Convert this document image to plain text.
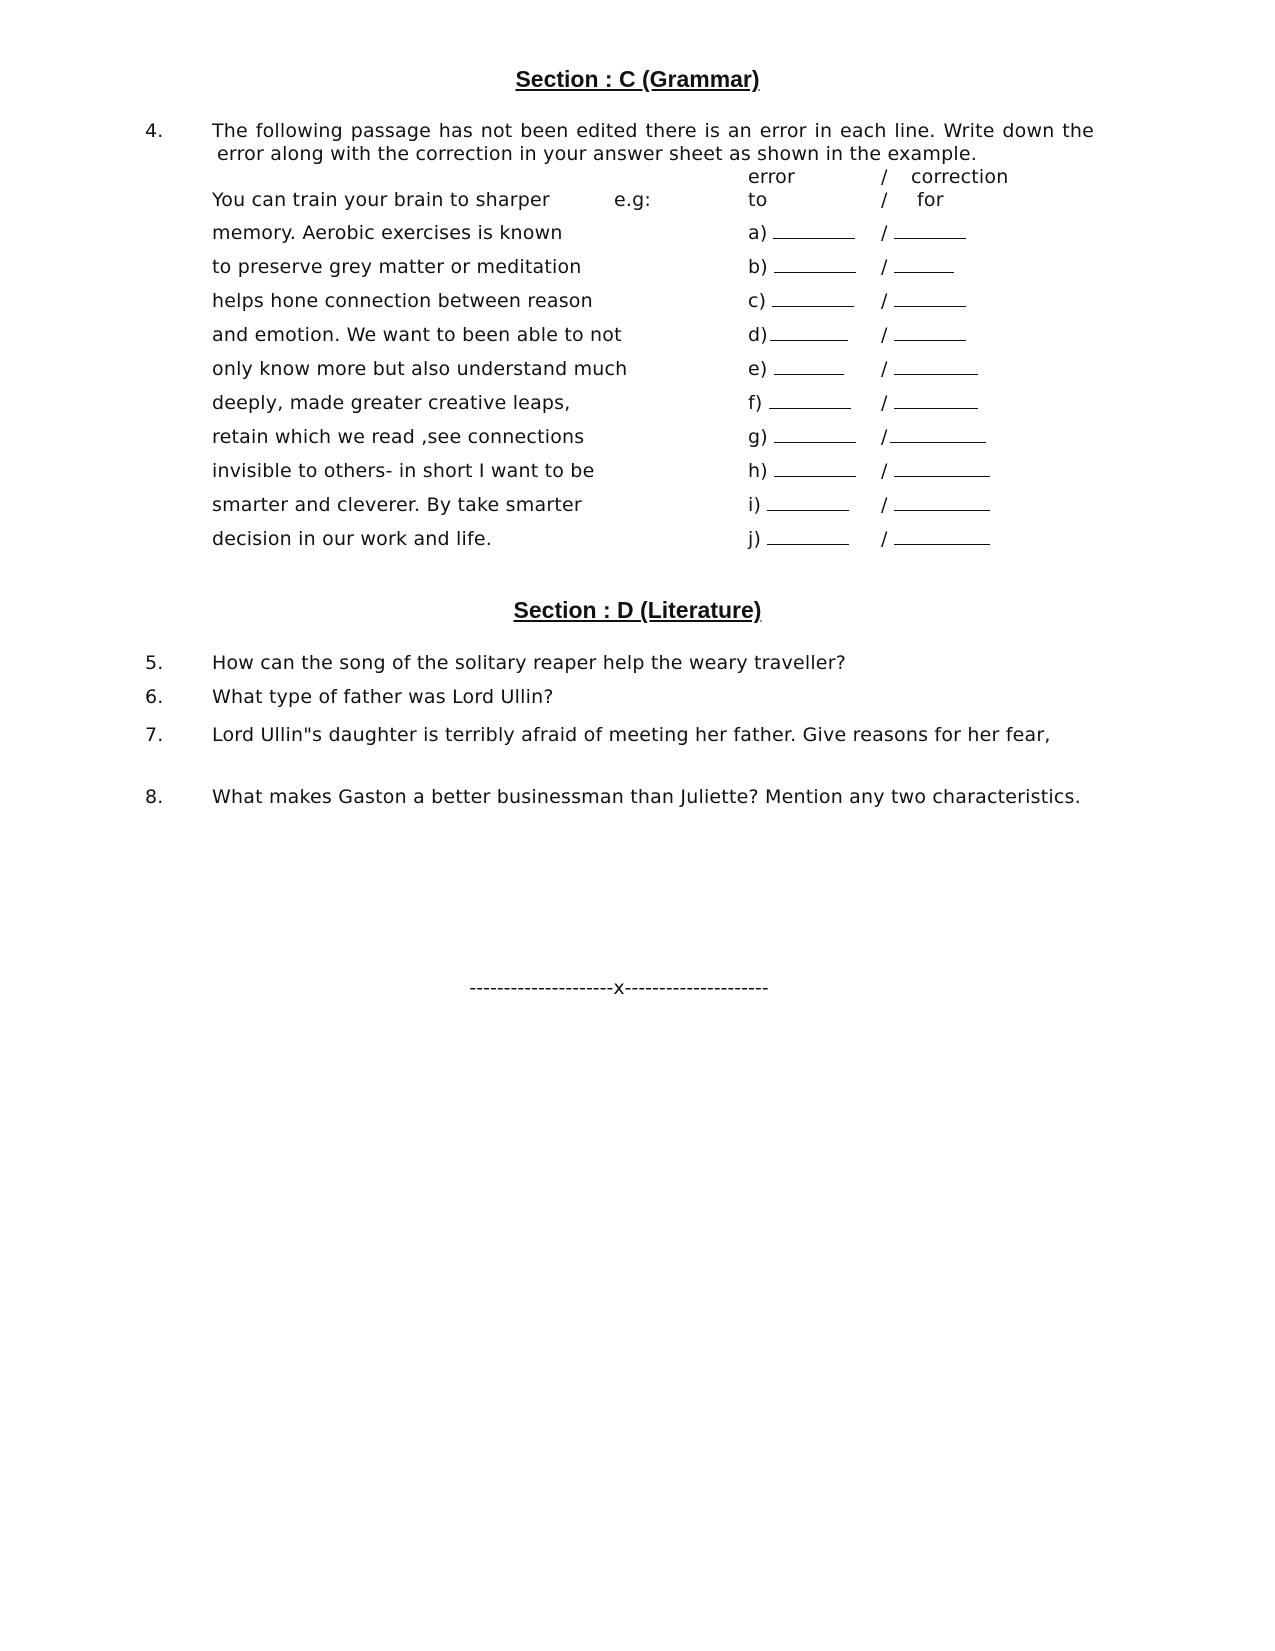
Section : C (Grammar)
4.	The following passage has not been edited there is an error in each line. Write down the
error along with the correction in your answer sheet as shown in the example.
error	/ correction
You can train your brain to sharper	e.g:	to	/ for
memory. Aerobic exercises is known	a)	/
to preserve grey matter or meditation	b)	/
helps hone connection between reason	c)	/
and emotion. We want to been able to not	d)	/
only know more but also understand much	e)	/
deeply, made greater creative leaps,	f)	/
retain which we read ,see connections	g)	/
invisible to others- in short I want to be	h)	/
smarter and cleverer. By take smarter	i)	/
decision in our work and life.	j)	/
Section : D (Literature)
5.	How can the song of the solitary reaper help the weary traveller?
6.	What type of father was Lord Ullin?
7.	Lord Ullin"s daughter is terribly afraid of meeting her father. Give reasons for her fear,
8.	What makes Gaston a better businessman than Juliette? Mention any two characteristics.
---------------------x---------------------
